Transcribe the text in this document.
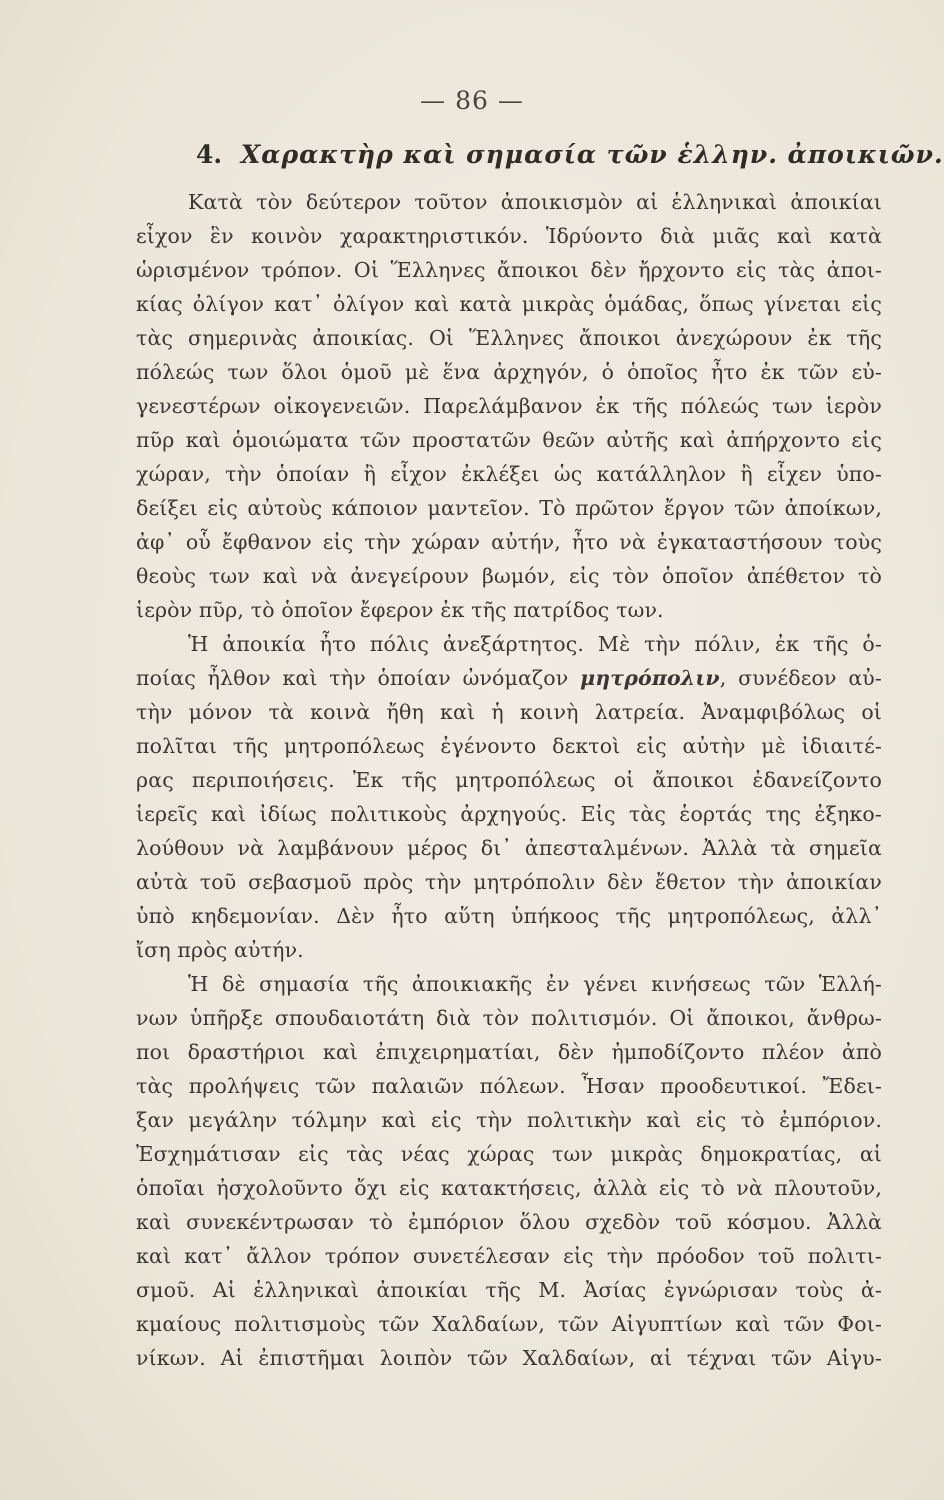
— 86 —
4. Χαρακτὴρ καὶ σημασία τῶν ἑλλην. ἀποικιῶν.
Κατὰ τὸν δεύτερον τοῦτον ἀποικισμὸν αἱ ἑλληνικαὶ ἀποικίαι
εἶχον ἓν κοινὸν χαρακτηριστικόν. Ἱδρύοντο διὰ μιᾶς καὶ κατὰ
ὡρισμένον τρόπον. Οἱ Ἕλληνες ἄποικοι δὲν ἤρχοντο εἰς τὰς ἀποι-
κίας ὀλίγον κατ᾿ ὀλίγον καὶ κατὰ μικρὰς ὁμάδας, ὅπως γίνεται εἰς
τὰς σημερινὰς ἀποικίας. Οἱ Ἕλληνες ἄποικοι ἀνεχώρουν ἐκ τῆς
πόλεώς των ὅλοι ὁμοῦ μὲ ἕνα ἀρχηγόν, ὁ ὁποῖος ἦτο ἐκ τῶν εὐ-
γενεστέρων οἰκογενειῶν. Παρελάμβανον ἐκ τῆς πόλεώς των ἱερὸν
πῦρ καὶ ὁμοιώματα τῶν προστατῶν θεῶν αὐτῆς καὶ ἀπήρχοντο εἰς
χώραν, τὴν ὁποίαν ἢ εἶχον ἐκλέξει ὡς κατάλληλον ἢ εἶχεν ὑπο-
δείξει εἰς αὐτοὺς κάποιον μαντεῖον. Τὸ πρῶτον ἔργον τῶν ἀποίκων,
ἀφ᾿ οὗ ἔφθανον εἰς τὴν χώραν αὐτήν, ἦτο νὰ ἐγκαταστήσουν τοὺς
θεοὺς των καὶ νὰ ἀνεγείρουν βωμόν, εἰς τὸν ὁποῖον ἀπέθετον τὸ
ἱερὸν πῦρ, τὸ ὁποῖον ἔφερον ἐκ τῆς πατρίδος των.
Ἡ ἀποικία ἦτο πόλις ἀνεξάρτητος. Μὲ τὴν πόλιν, ἐκ τῆς ὁ-
ποίας ἦλθον καὶ τὴν ὁποίαν ὠνόμαζον μητρόπολιν, συνέδεον αὐ-
τὴν μόνον τὰ κοινὰ ἤθη καὶ ἡ κοινὴ λατρεία. Ἀναμφιβόλως οἱ
πολῖται τῆς μητροπόλεως ἐγένοντο δεκτοὶ εἰς αὐτὴν μὲ ἰδιαιτέ-
ρας περιποιήσεις. Ἐκ τῆς μητροπόλεως οἱ ἄποικοι ἐδανείζοντο
ἱερεῖς καὶ ἰδίως πολιτικοὺς ἀρχηγούς. Εἰς τὰς ἑορτάς της ἐξηκο-
λούθουν νὰ λαμβάνουν μέρος δι᾿ ἀπεσταλμένων. Ἀλλὰ τὰ σημεῖα
αὐτὰ τοῦ σεβασμοῦ πρὸς τὴν μητρόπολιν δὲν ἔθετον τὴν ἀποικίαν
ὑπὸ κηδεμονίαν. Δὲν ἦτο αὕτη ὑπήκοος τῆς μητροπόλεως, ἀλλ᾿
ἴση πρὸς αὐτήν.
Ἡ δὲ σημασία τῆς ἀποικιακῆς ἐν γένει κινήσεως τῶν Ἑλλή-
νων ὑπῆρξε σπουδαιοτάτη διὰ τὸν πολιτισμόν. Οἱ ἄποικοι, ἄνθρω-
ποι δραστήριοι καὶ ἐπιχειρηματίαι, δὲν ἠμποδίζοντο πλέον ἀπὸ
τὰς προλήψεις τῶν παλαιῶν πόλεων. Ἦσαν προοδευτικοί. Ἔδει-
ξαν μεγάλην τόλμην καὶ εἰς τὴν πολιτικὴν καὶ εἰς τὸ ἐμπόριον.
Ἐσχημάτισαν εἰς τὰς νέας χώρας των μικρὰς δημοκρατίας, αἱ
ὁποῖαι ἠσχολοῦντο ὄχι εἰς κατακτήσεις, ἀλλὰ εἰς τὸ νὰ πλουτοῦν,
καὶ συνεκέντρωσαν τὸ ἐμπόριον ὅλου σχεδὸν τοῦ κόσμου. Ἀλλὰ
καὶ κατ᾿ ἄλλον τρόπον συνετέλεσαν εἰς τὴν πρόοδον τοῦ πολιτι-
σμοῦ. Αἱ ἑλληνικαὶ ἀποικίαι τῆς Μ. Ἀσίας ἐγνώρισαν τοὺς ἀ-
κμαίους πολιτισμοὺς τῶν Χαλδαίων, τῶν Αἰγυπτίων καὶ τῶν Φοι-
νίκων. Αἱ ἐπιστῆμαι λοιπὸν τῶν Χαλδαίων, αἱ τέχναι τῶν Αἰγυ-
